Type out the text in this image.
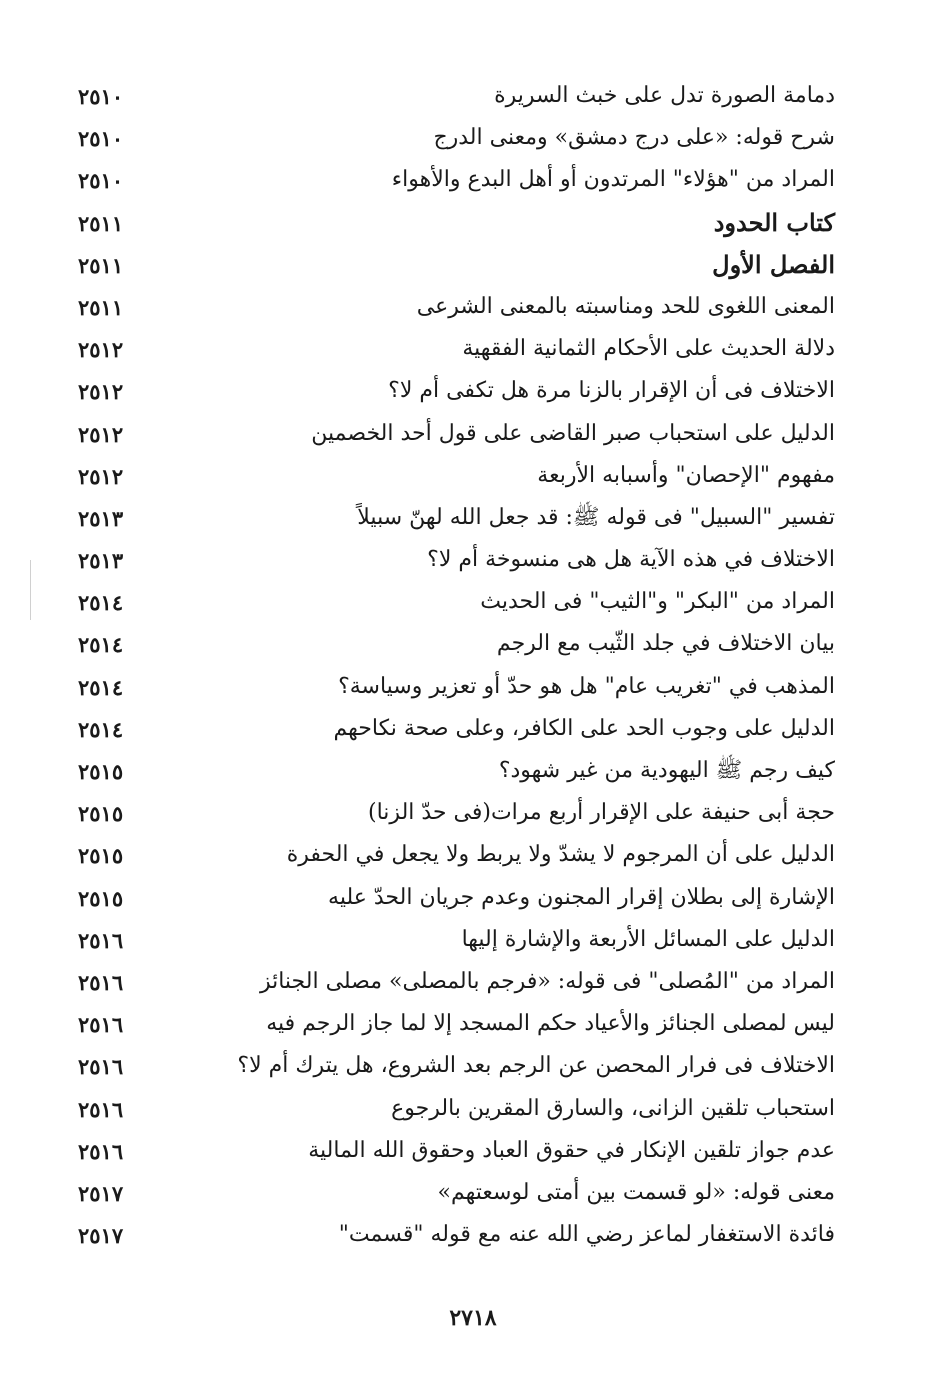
دمامة الصورة تدل على خبث السريرة
٢٥١٠
شرح قوله: «على درج دمشق» ومعنى الدرج
٢٥١٠
المراد من "هؤلاء" المرتدون أو أهل البدع والأهواء
٢٥١٠
كتاب الحدود
٢٥١١
الفصل الأول
٢٥١١
المعنى اللغوى للحد ومناسبته بالمعنى الشرعى
٢٥١١
دلالة الحديث على الأحكام الثمانية الفقهية
٢٥١٢
الاختلاف فى أن الإقرار بالزنا مرة هل تكفى أم لا؟
٢٥١٢
الدليل على استحباب صبر القاضى على قول أحد الخصمين
٢٥١٢
مفهوم "الإحصان" وأسبابه الأربعة
٢٥١٢
تفسير "السبيل" فى قوله ﷺ: قد جعل الله لهنّ سبيلاً
٢٥١٣
الاختلاف في هذه الآية هل هى منسوخة أم لا؟
٢٥١٣
المراد من "البكر" و"الثيب" فى الحديث
٢٥١٤
بيان الاختلاف في جلد الثّيب مع الرجم
٢٥١٤
المذهب في "تغريب عام" هل هو حدّ أو تعزير وسياسة؟
٢٥١٤
الدليل على وجوب الحد على الكافر، وعلى صحة نكاحهم
٢٥١٤
كيف رجم ﷺ اليهودية من غير شهود؟
٢٥١٥
حجة أبى حنيفة على الإقرار أربع مرات(فى حدّ الزنا)
٢٥١٥
الدليل على أن المرجوم لا يشدّ ولا يربط ولا يجعل في الحفرة
٢٥١٥
الإشارة إلى بطلان إقرار المجنون وعدم جريان الحدّ عليه
٢٥١٥
الدليل على المسائل الأربعة والإشارة إليها
٢٥١٦
المراد من "المُصلى" فى قوله: «فرجم بالمصلى» مصلى الجنائز
٢٥١٦
ليس لمصلى الجنائز والأعياد حكم المسجد إلا لما جاز الرجم فيه
٢٥١٦
الاختلاف فى فرار المحصن عن الرجم بعد الشروع، هل يترك أم لا؟
٢٥١٦
استحباب تلقين الزانى، والسارق المقرين بالرجوع
٢٥١٦
عدم جواز تلقين الإنكار في حقوق العباد وحقوق الله المالية
٢٥١٦
معنى قوله: «لو قسمت بين أمتى لوسعتهم»
٢٥١٧
فائدة الاستغفار لماعز رضي الله عنه مع قوله "قسمت"
٢٥١٧
٢٧١٨
